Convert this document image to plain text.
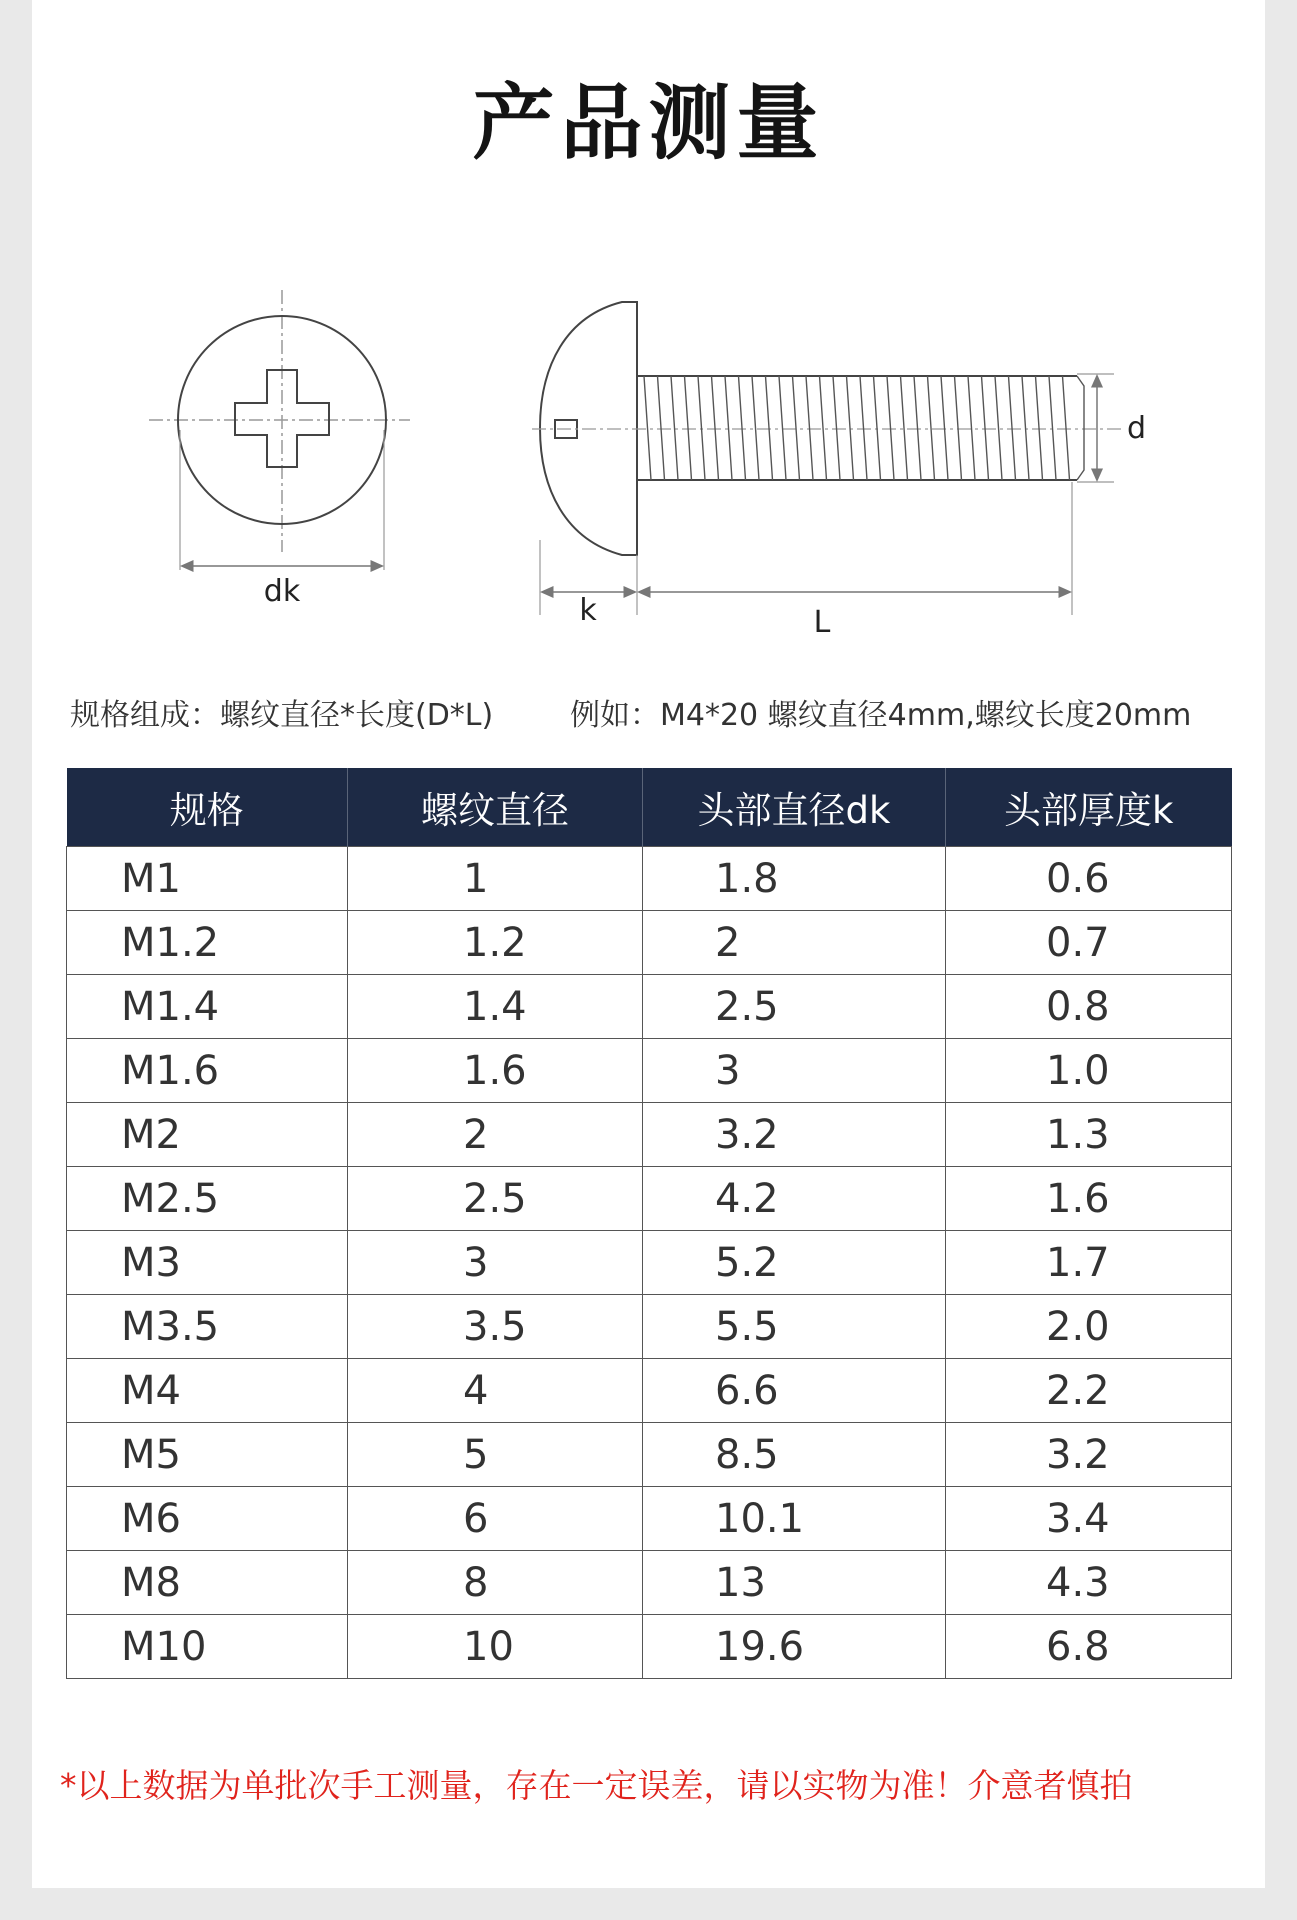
产品测量
dk
k	L
d
规格组成：螺纹直径*长度(D*L)	例如：M4*20 螺纹直径4mm,螺纹长度20mm
规格	螺纹直径	头部直径dk	头部厚度k
M1	1	1.8	0.6
M1.2	1.2	2	0.7
M1.4	1.4	2.5	0.8
M1.6	1.6	3	1.0
M2	2	3.2	1.3
M2.5	2.5	4.2	1.6
M3	3	5.2	1.7
M3.5	3.5	5.5	2.0
M4	4	6.6	2.2
M5	5	8.5	3.2
M6	6	10.1	3.4
M8	8	13	4.3
M10	10	19.6	6.8
*以上数据为单批次手工测量，存在一定误差，请以实物为准！介意者慎拍
